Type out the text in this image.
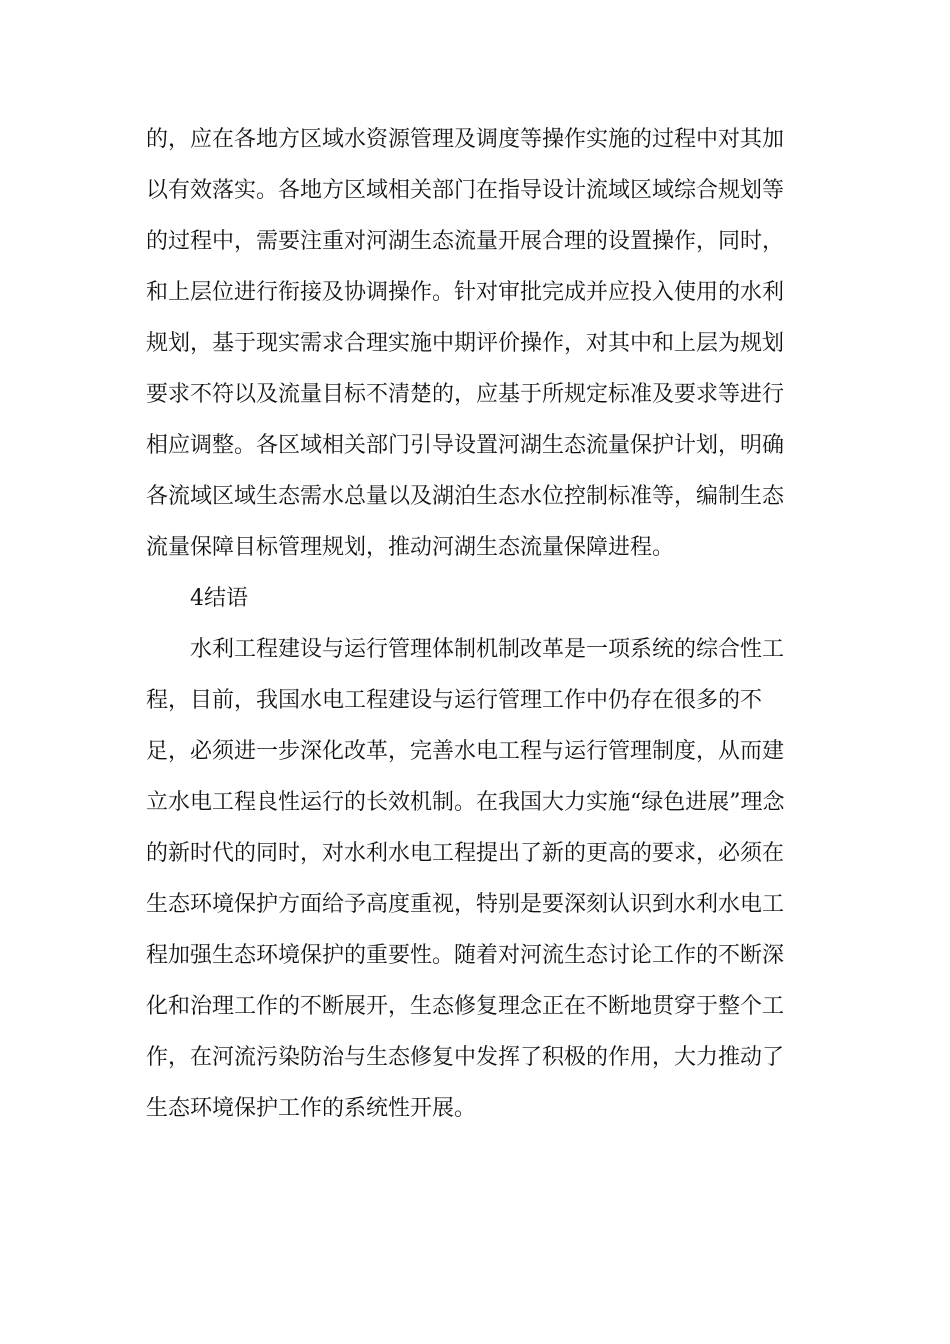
的，应在各地方区域水资源管理及调度等操作实施的过程中对其加
以有效落实。各地方区域相关部门在指导设计流域区域综合规划等
的过程中，需要注重对河湖生态流量开展合理的设置操作，同时，
和上层位进行衔接及协调操作。针对审批完成并应投入使用的水利
规划，基于现实需求合理实施中期评价操作，对其中和上层为规划
要求不符以及流量目标不清楚的，应基于所规定标准及要求等进行
相应调整。各区域相关部门引导设置河湖生态流量保护计划，明确
各流域区域生态需水总量以及湖泊生态水位控制标准等，编制生态
流量保障目标管理规划，推动河湖生态流量保障进程。
4结语
水利工程建设与运行管理体制机制改革是一项系统的综合性工
程，目前，我国水电工程建设与运行管理工作中仍存在很多的不
足，必须进一步深化改革，完善水电工程与运行管理制度，从而建
立水电工程良性运行的长效机制。在我国大力实施“绿色进展”理念
的新时代的同时，对水利水电工程提出了新的更高的要求，必须在
生态环境保护方面给予高度重视，特别是要深刻认识到水利水电工
程加强生态环境保护的重要性。随着对河流生态讨论工作的不断深
化和治理工作的不断展开，生态修复理念正在不断地贯穿于整个工
作，在河流污染防治与生态修复中发挥了积极的作用，大力推动了
生态环境保护工作的系统性开展。
